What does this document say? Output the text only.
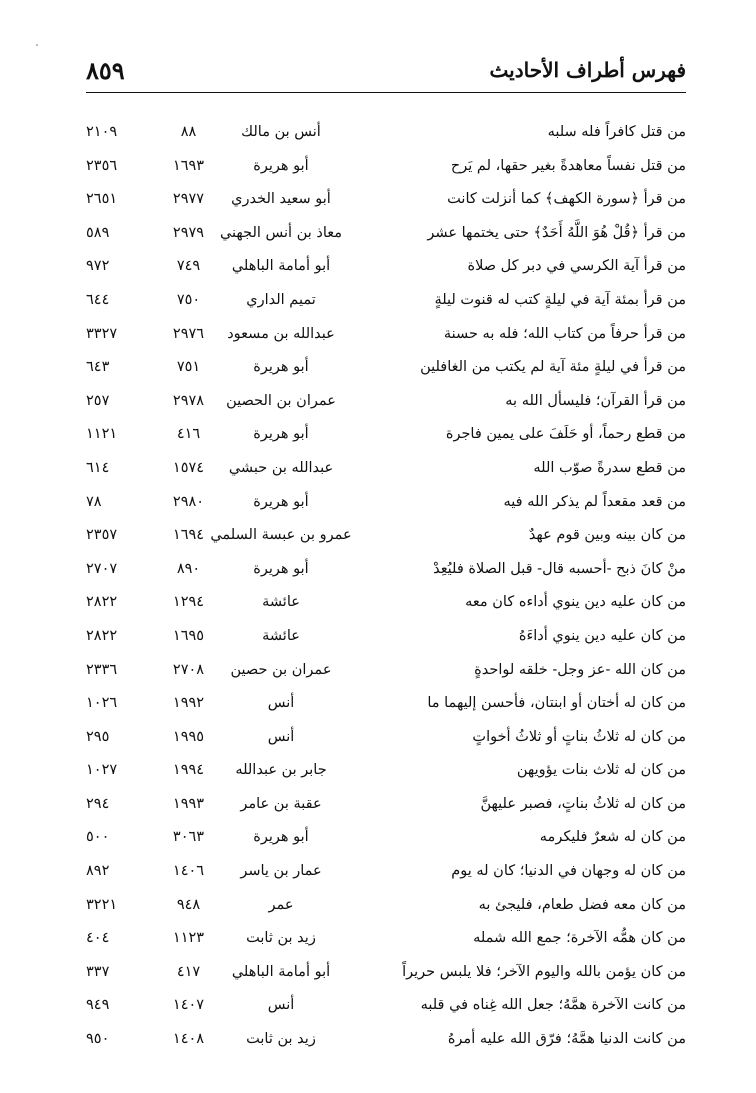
فهرس أطراف الأحاديث
٨٥٩
من قتل كافراً فله سلبه
أنس بن مالك
٨٨
٢١٠٩
من قتل نفساً معاهدةً بغير حقها، لم يَرح
أبو هريرة
١٦٩٣
٢٣٥٦
من قرأ ﴿سورة الكهف﴾ كما أنزلت كانت
أبو سعيد الخدري
٢٩٧٧
٢٦٥١
من قرأ ﴿قُلْ هُوَ اللَّهُ أَحَدٌ﴾ حتى يختمها عشر
معاذ بن أنس الجهني
٢٩٧٩
٥٨٩
من قرأ آية الكرسي في دبر كل صلاة
أبو أمامة الباهلي
٧٤٩
٩٧٢
من قرأ بمئة آية في ليلةٍ كتب له قنوت ليلةٍ
تميم الداري
٧٥٠
٦٤٤
من قرأ حرفاً من كتاب الله؛ فله به حسنة
عبدالله بن مسعود
٢٩٧٦
٣٣٢٧
من قرأ في ليلةٍ مئة آية لم يكتب من الغافلين
أبو هريرة
٧٥١
٦٤٣
من قرأ القرآن؛ فليسأل الله به
عمران بن الحصين
٢٩٧٨
٢٥٧
من قطع رحماً، أو حَلَفَ على يمين فاجرة
أبو هريرة
٤١٦
١١٢١
من قطع سدرةً صوّب الله
عبدالله بن حبشي
١٥٧٤
٦١٤
من قعد مقعداً لم يذكر الله فيه
أبو هريرة
٢٩٨٠
٧٨
من كان بينه وبين قوم عهدٌ
عمرو بن عبسة السلمي
١٦٩٤
٢٣٥٧
منْ كانَ ذبح -أحسبه قال- قبل الصلاة فليُعِدْ
أبو هريرة
٨٩٠
٢٧٠٧
من كان عليه دين ينوي أداءه كان معه
عائشة
١٢٩٤
٢٨٢٢
من كان عليه دين ينوي أداءَهُ
عائشة
١٦٩٥
٢٨٢٢
من كان الله -عز وجل- خلقه لواحدةٍ
عمران بن حصين
٢٧٠٨
٢٣٣٦
من كان له أختان أو ابنتان، فأحسن إليهما ما
أنس
١٩٩٢
١٠٢٦
من كان له ثلاثُ بناتٍ أو ثلاثُ أخواتٍ
أنس
١٩٩٥
٢٩٥
من كان له ثلاث بنات يؤويهن
جابر بن عبدالله
١٩٩٤
١٠٢٧
من كان له ثلاثُ بناتٍ، فصبر عليهنَّ
عقبة بن عامر
١٩٩٣
٢٩٤
من كان له شعرٌ فليكرمه
أبو هريرة
٣٠٦٣
٥٠٠
من كان له وجهان في الدنيا؛ كان له يوم
عمار بن ياسر
١٤٠٦
٨٩٢
من كان معه فضل طعام، فليجئ به
عمر
٩٤٨
٣٢٢١
من كان همُّه الآخرة؛ جمع الله شمله
زيد بن ثابت
١١٢٣
٤٠٤
من كان يؤمن بالله واليوم الآخر؛ فلا يلبس حريراً
أبو أمامة الباهلي
٤١٧
٣٣٧
من كانت الآخرة همَّهُ؛ جعل الله غِناه في قلبه
أنس
١٤٠٧
٩٤٩
من كانت الدنيا همَّهُ؛ فرّق الله عليه أمرهُ
زيد بن ثابت
١٤٠٨
٩٥٠
